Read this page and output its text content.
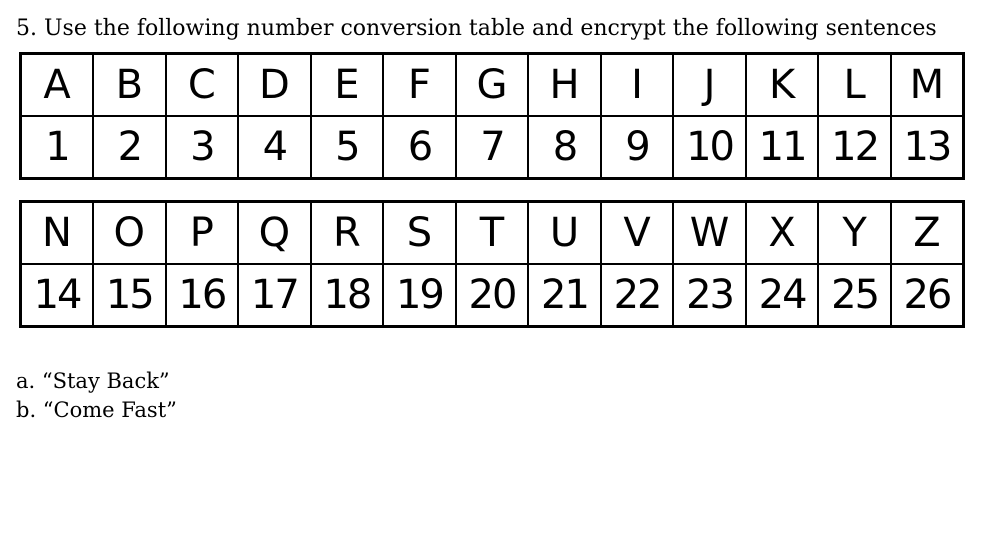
5. Use the following number conversion table and encrypt the following sentences

A	B	C	D	E	F	G	H	I	J	K	L	M
1	2	3	4	5	6	7	8	9	10	11	12	13
N	O	P	Q	R	S	T	U	V	W	X	Y	Z
14	15	16	17	18	19	20	21	22	23	24	25	26
a. “Stay Back”
b. “Come Fast”
